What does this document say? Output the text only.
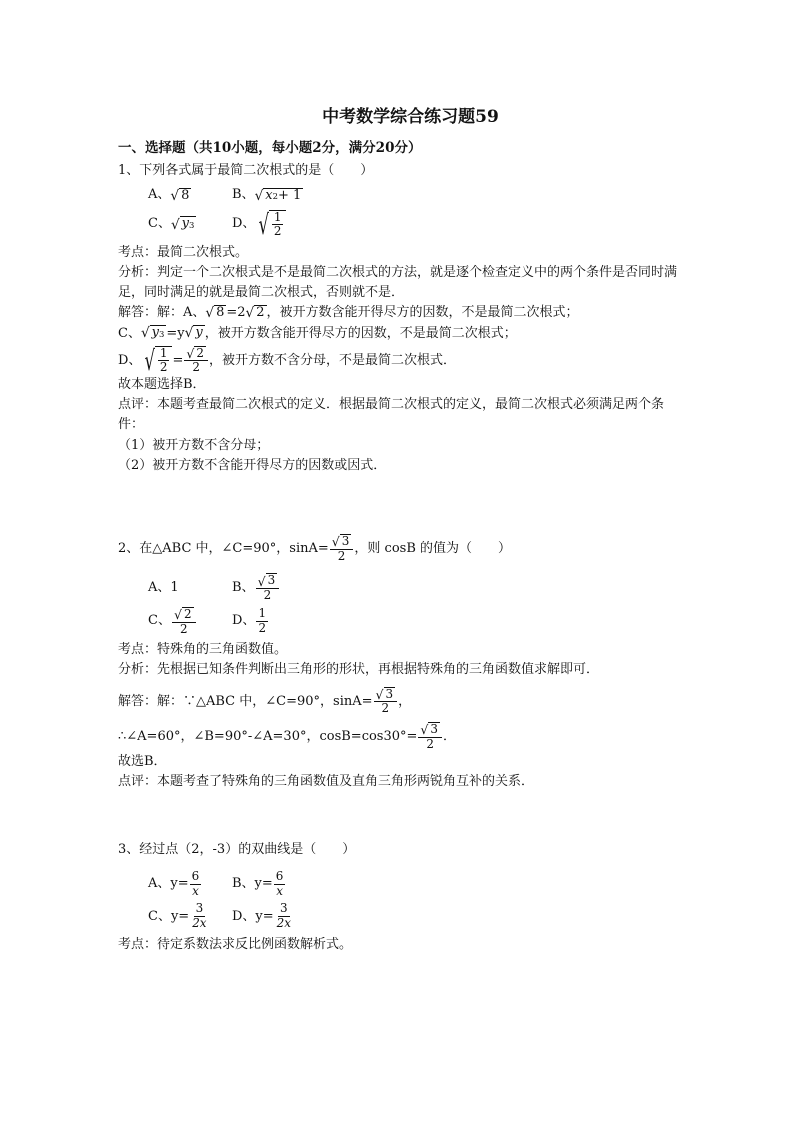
中考数学综合练习题59
一、选择题（共10小题，每小题2分，满分20分）

1、下列各式属于最简二次根式的是（　　）

A、 √ 8	B、 √ x 2 + 1
C、 √ y 3	D、 √ $\frac{1}{2}$

考点：最简二次根式。

分析：判定一个二次根式是不是最简二次根式的方法，就是逐个检查定义中的两个条件是否同时满足，同时满足的就是最简二次根式，否则就不是．

解答：解：A、 √ 8 =2 √ 2 ，被开方数含能开得尽方的因数，不是最简二次根式；

C、 √ y 3 =y √ y ，被开方数含能开得尽方的因数，不是最简二次根式；

D、 √ $\frac{1}{2} = \frac{√ 2}{2}$ ，被开方数不含分母，不是最简二次根式．

故本题选择B．

点评：本题考查最简二次根式的定义．根据最简二次根式的定义，最简二次根式必须满足两个条件：

（1）被开方数不含分母；

（2）被开方数不含能开得尽方的因数或因式．

2、在△ABC 中，∠C=90°，$\sin A= \frac{√ 3}{2}$ ，则 cosB 的值为（　　）

A、 1	B、 $\frac{√ 3}{2}$
C、 $\frac{√ 2}{2}$	D、 $\frac{1}{2}$

考点：特殊角的三角函数值。

分析：先根据已知条件判断出三角形的形状，再根据特殊角的三角函数值求解即可．

解答：解：∵△ABC 中，∠C=90°，$\sin A= \frac{√ 3}{2}$ ，

∴∠A=60°，∠B=90°-∠A=30°，$\cos B=\cos 30^\circ= \frac{√ 3}{2}$ ．

故选B．

点评：本题考查了特殊角的三角函数值及直角三角形两锐角互补的关系．

3、经过点（2，-3）的双曲线是（　　）

A、$y= \frac{6}{x}$ B、$y= \frac{6}{x}$
C、$y= \frac{3}{2x}$ D、$y= \frac{3}{2x}$

考点：待定系数法求反比例函数解析式。
